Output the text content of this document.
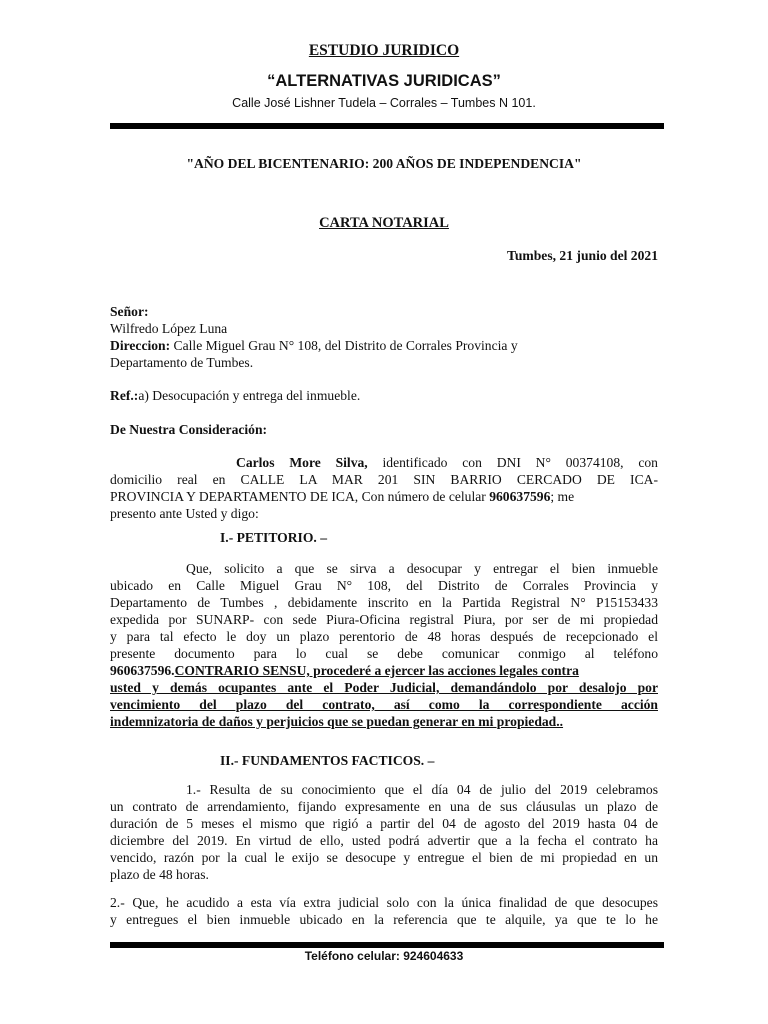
ESTUDIO JURIDICO
“ALTERNATIVAS JURIDICAS”
Calle José Lishner Tudela – Corrales – Tumbes N 101.
"AÑO DEL BICENTENARIO: 200 AÑOS DE INDEPENDENCIA"
CARTA NOTARIAL
Tumbes, 21 junio del 2021
Señor:
Wilfredo López Luna
Direccion: Calle Miguel Grau N° 108, del Distrito de Corrales Provincia y
Departamento de Tumbes.
Ref.:a) Desocupación y entrega del inmueble.
De Nuestra Consideración:
Carlos More Silva, identificado con DNI N° 00374108, con
domicilio real en CALLE LA MAR 201 SIN BARRIO CERCADO DE ICA-
PROVINCIA Y DEPARTAMENTO DE ICA, Con número de celular 960637596; me
presento ante Usted y digo:
I.- PETITORIO. –
Que, solicito a que se sirva a desocupar y entregar el bien inmueble
ubicado en Calle Miguel Grau N° 108, del Distrito de Corrales Provincia y
Departamento de Tumbes , debidamente inscrito en la Partida Registral N° P15153433
expedida por SUNARP- con sede Piura-Oficina registral Piura, por ser de mi propiedad
y para tal efecto le doy un plazo perentorio de 48 horas después de recepcionado el
presente documento para lo cual se debe comunicar conmigo al teléfono
960637596.CONTRARIO SENSU, procederé a ejercer las acciones legales contra
usted y demás ocupantes ante el Poder Judicial, demandándolo por desalojo por
vencimiento del plazo del contrato, así como la correspondiente acción
indemnizatoria de daños y perjuicios que se puedan generar en mi propiedad..
II.- FUNDAMENTOS FACTICOS. –
1.- Resulta de su conocimiento que el día 04 de julio del 2019 celebramos
un contrato de arrendamiento, fijando expresamente en una de sus cláusulas un plazo de
duración de 5 meses el mismo que rigió a partir del 04 de agosto del 2019 hasta 04 de
diciembre del 2019. En virtud de ello, usted podrá advertir que a la fecha el contrato ha
vencido, razón por la cual le exijo se desocupe y entregue el bien de mi propiedad en un
plazo de 48 horas.
2.- Que, he acudido a esta vía extra judicial solo con la única finalidad de que desocupes
y entregues el bien inmueble ubicado en la referencia que te alquile, ya que te lo he
Teléfono celular: 924604633
